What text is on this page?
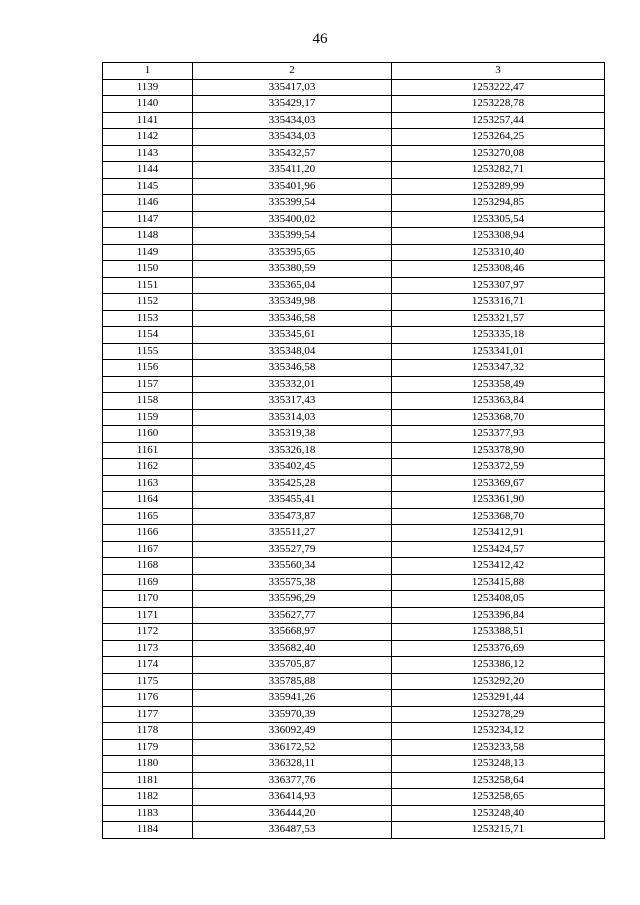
46
1	2	3
1139	335417,03	1253222,47
1140	335429,17	1253228,78
1141	335434,03	1253257,44
1142	335434,03	1253264,25
1143	335432,57	1253270,08
1144	335411,20	1253282,71
1145	335401,96	1253289,99
1146	335399,54	1253294,85
1147	335400,02	1253305,54
1148	335399,54	1253308,94
1149	335395,65	1253310,40
1150	335380,59	1253308,46
1151	335365,04	1253307,97
1152	335349,98	1253316,71
1153	335346,58	1253321,57
1154	335345,61	1253335,18
1155	335348,04	1253341,01
1156	335346,58	1253347,32
1157	335332,01	1253358,49
1158	335317,43	1253363,84
1159	335314,03	1253368,70
1160	335319,38	1253377,93
1161	335326,18	1253378,90
1162	335402,45	1253372,59
1163	335425,28	1253369,67
1164	335455,41	1253361,90
1165	335473,87	1253368,70
1166	335511,27	1253412,91
1167	335527,79	1253424,57
1168	335560,34	1253412,42
1169	335575,38	1253415,88
1170	335596,29	1253408,05
1171	335627,77	1253396,84
1172	335668,97	1253388,51
1173	335682,40	1253376,69
1174	335705,87	1253386,12
1175	335785,88	1253292,20
1176	335941,26	1253291,44
1177	335970,39	1253278,29
1178	336092,49	1253234,12
1179	336172,52	1253233,58
1180	336328,11	1253248,13
1181	336377,76	1253258,64
1182	336414,93	1253258,65
1183	336444,20	1253248,40
1184	336487,53	1253215,71
